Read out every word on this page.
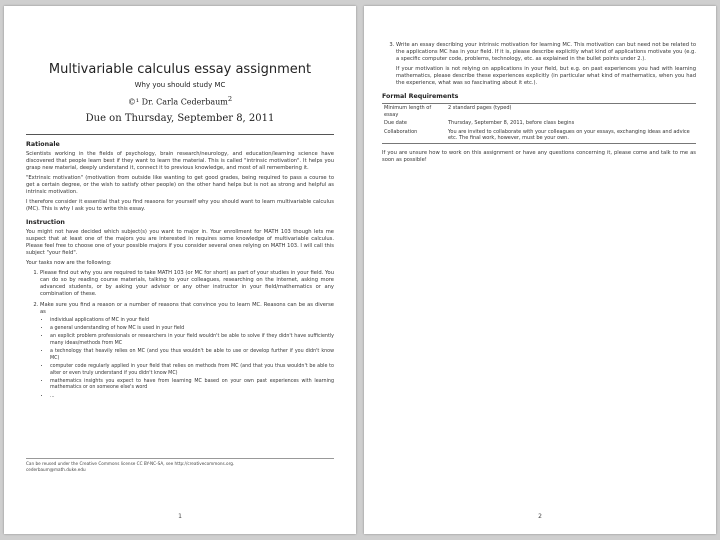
Multivariable calculus essay assignment
Why you should study MC
©¹ Dr. Carla Cederbaum$^2$
Due on Thursday, September 8, 2011
Rationale

Scientists working in the fields of psychology, brain research/neurology, and education/learning science have discovered that people learn best if they want to learn the material. This is called "intrinsic motivation". It helps you grasp new material, deeply understand it, connect it to previous knowledge, and most of all remembering it.

"Extrinsic motivation" (motivation from outside like wanting to get good grades, being required to pass a course to get a certain degree, or the wish to satisfy other people) on the other hand helps but is not as strong and helpful as intrinsic motivation.

I therefore consider it essential that you find reasons for yourself why you should want to learn multivariable calculus (MC). This is why I ask you to write this essay.

Instruction

You might not have decided which subject(s) you want to major in. Your enrollment for MATH 103 though lets me suspect that at least one of the majors you are interested in requires some knowledge of multivariable calculus. Please feel free to choose one of your possible majors if you consider several ones relying on MATH 103. I will call this subject "your field".

Your tasks now are the following:

1. Please find out why you are required to take MATH 103 (or MC for short) as part of your studies in your field. You can do so by reading course materials, talking to your colleagues, researching on the internet, asking more advanced students, or by asking your advisor or any other instructor in your field/mathematics or any combination of these.
2. Make sure you find a reason or a number of reasons that convince you to learn MC. Reasons can be as diverse as
• individual applications of MC in your field
• a general understanding of how MC is used in your field
• an explicit problem professionals or researchers in your field wouldn't be able to solve if they didn't have sufficiently many ideas/methods from MC
• a technology that heavily relies on MC (and you thus wouldn't be able to use or develop further if you didn't know MC)
• computer code regularly applied in your field that relies on methods from MC (and that you thus wouldn't be able to alter or even truly understand if you didn't know MC)
• mathematics insights you expect to have from learning MC based on your own past experiences with learning mathematics or on someone else's word
• ...
Can be reused under the Creative Commons license CC BY-NC-SA, see http://creativecommons.org.
cederbaum@math.duke.edu
1
3. Write an essay describing your intrinsic motivation for learning MC. This motivation can but need not be related to the applications MC has in your field. If it is, please describe explicitly what kind of applications motivate you (e.g. a specific computer code, problems, technology, etc. as explained in the bullet points under 2.).

If your motivation is not relying on applications in your field, but e.g. on past experiences you had with learning mathematics, please describe these experiences explicitly (in particular what kind of mathematics, when you had the experience, what was so fascinating about it etc.).

Formal Requirements
Minimum length of essay	2 standard pages (typed)
Due date	Thursday, September 8, 2011, before class begins
Collaboration	You are invited to collaborate with your colleagues on your essays, exchanging ideas and advice etc. The final work, however, must be your own.

If you are unsure how to work on this assignment or have any questions concerning it, please come and talk to me as soon as possible!

2
